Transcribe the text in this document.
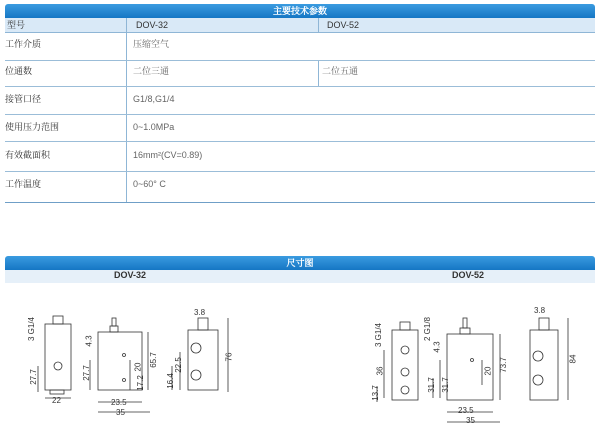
主要技术参数
型号	DOV-32	DOV-52
工作介质	压缩空气
位通数	二位三通	二位五通
接管口径	G1/8,G1/4
使用压力范围	0~1.0MPa
有效截面积	16mm²(CV=0.89)
工作温度	0~60° C
尺寸图
DOV-32	DOV-52
3 G1/4
27.7
22
4.3
27.7
17.2
20 65.7
23.5
35
3.8
16.4
22.5
76
3 G1/4	2 G1/8
36
13.7
4.3
31.7 31.7
20 73.7
23.5
35
3.8
84
